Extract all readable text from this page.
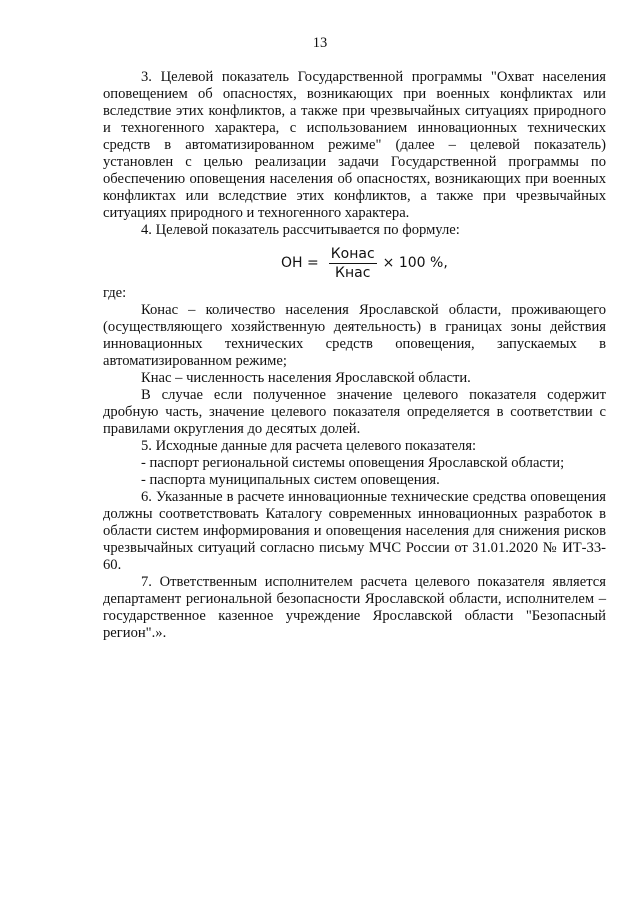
13

3. Целевой показатель Государственной программы "Охват населения оповещением об опасностях, возникающих при военных конфликтах или вследствие этих конфликтов, а также при чрезвычайных ситуациях природного и техногенного характера, с использованием инновационных технических средств в автоматизированном режиме" (далее – целевой показатель) установлен с целью реализации задачи Государственной программы по обеспечению оповещения населения об опасностях, возникающих при военных конфликтах или вследствие этих конфликтов, а также при чрезвычайных ситуациях природного и техногенного характера.

4. Целевой показатель рассчитывается по формуле:

ОН = $\frac{\text{Конас}}{\text{Кнас}} \times 100$ %,

где:

Конас – количество населения Ярославской области, проживающего (осуществляющего хозяйственную деятельность) в границах зоны действия инновационных технических средств оповещения, запускаемых в автоматизированном режиме;

Кнас – численность населения Ярославской области.

В случае если полученное значение целевого показателя содержит дробную часть, значение целевого показателя определяется в соответствии с правилами округления до десятых долей.

5. Исходные данные для расчета целевого показателя:

- паспорт региональной системы оповещения Ярославской области;

- паспорта муниципальных систем оповещения.

6. Указанные в расчете инновационные технические средства оповещения должны соответствовать Каталогу современных инновационных разработок в области систем информирования и оповещения населения для снижения рисков чрезвычайных ситуаций согласно письму МЧС России от 31.01.2020 № ИТ-33-60.

7. Ответственным исполнителем расчета целевого показателя является департамент региональной безопасности Ярославской области, исполнителем – государственное казенное учреждение Ярославской области "Безопасный регион".».
